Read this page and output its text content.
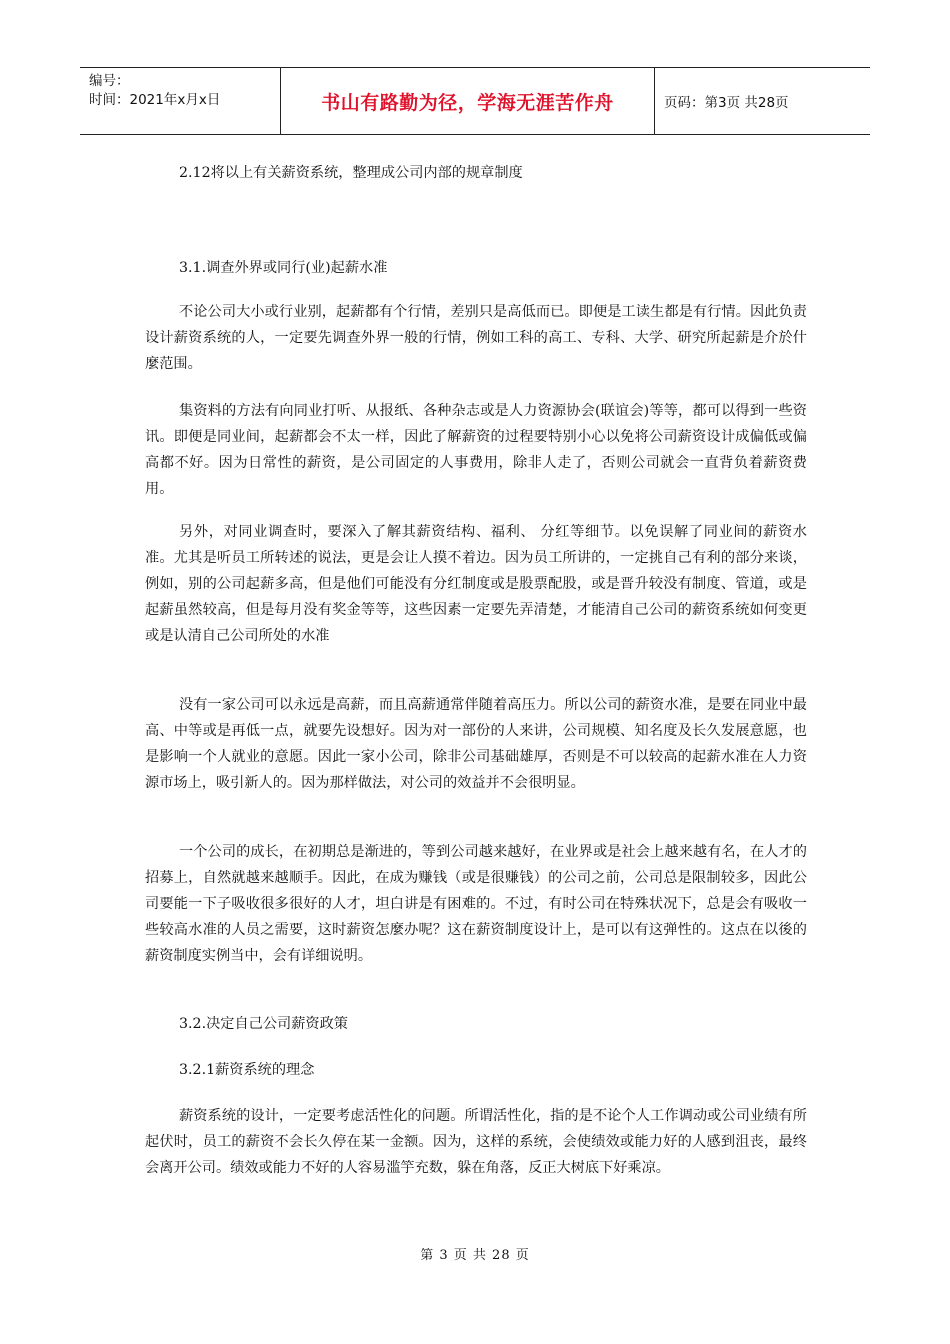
编号：
时间：2021年x月x日	书山有路勤为径，学海无涯苦作舟	页码：第3页 共28页

2.12将以上有关薪资系统，整理成公司内部的规章制度

3.1.调查外界或同行(业)起薪水准

不论公司大小或行业别，起薪都有个行情，差别只是高低而已。即便是工读生都是有行情。因此负责设计薪资系统的人，一定要先调查外界一般的行情，例如工科的高工、专科、大学、研究所起薪是介於什麼范围。

集资料的方法有向同业打听、从报纸、各种杂志或是人力资源协会(联谊会)等等，都可以得到一些资讯。即便是同业间，起薪都会不太一样，因此了解薪资的过程要特别小心以免将公司薪资设计成偏低或偏高都不好。因为日常性的薪资，是公司固定的人事费用，除非人走了，否则公司就会一直背负着薪资费用。

另外，对同业调查时，要深入了解其薪资结构、福利、 分红等细节。以免误解了同业间的薪资水准。尤其是听员工所转述的说法，更是会让人摸不着边。因为员工所讲的，一定挑自己有利的部分来谈，例如，别的公司起薪多高，但是他们可能没有分红制度或是股票配股，或是晋升较没有制度、管道，或是起薪虽然较高，但是每月没有奖金等等，这些因素一定要先弄清楚，才能清自己公司的薪资系统如何变更或是认清自己公司所处的水准

没有一家公司可以永远是高薪，而且高薪通常伴随着高压力。所以公司的薪资水准，是要在同业中最高、中等或是再低一点，就要先设想好。因为对一部份的人来讲，公司规模、知名度及长久发展意愿，也是影响一个人就业的意愿。因此一家小公司，除非公司基础雄厚，否则是不可以较高的起薪水准在人力资源市场上，吸引新人的。因为那样做法，对公司的效益并不会很明显。

一个公司的成长，在初期总是渐进的，等到公司越来越好，在业界或是社会上越来越有名，在人才的招募上，自然就越来越顺手。因此，在成为赚钱（或是很赚钱）的公司之前，公司总是限制较多，因此公司要能一下子吸收很多很好的人才，坦白讲是有困难的。不过，有时公司在特殊状况下，总是会有吸收一些较高水准的人员之需要，这时薪资怎麼办呢？这在薪资制度设计上，是可以有这弹性的。这点在以後的薪资制度实例当中，会有详细说明。

3.2.决定自己公司薪资政策

3.2.1薪资系统的理念

薪资系统的设计，一定要考虑活性化的问题。所谓活性化，指的是不论个人工作调动或公司业绩有所起伏时，员工的薪资不会长久停在某一金额。因为，这样的系统，会使绩效或能力好的人感到沮丧，最终会离开公司。绩效或能力不好的人容易滥竽充数，躲在角落，反正大树底下好乘凉。

第 3 页 共 28 页
